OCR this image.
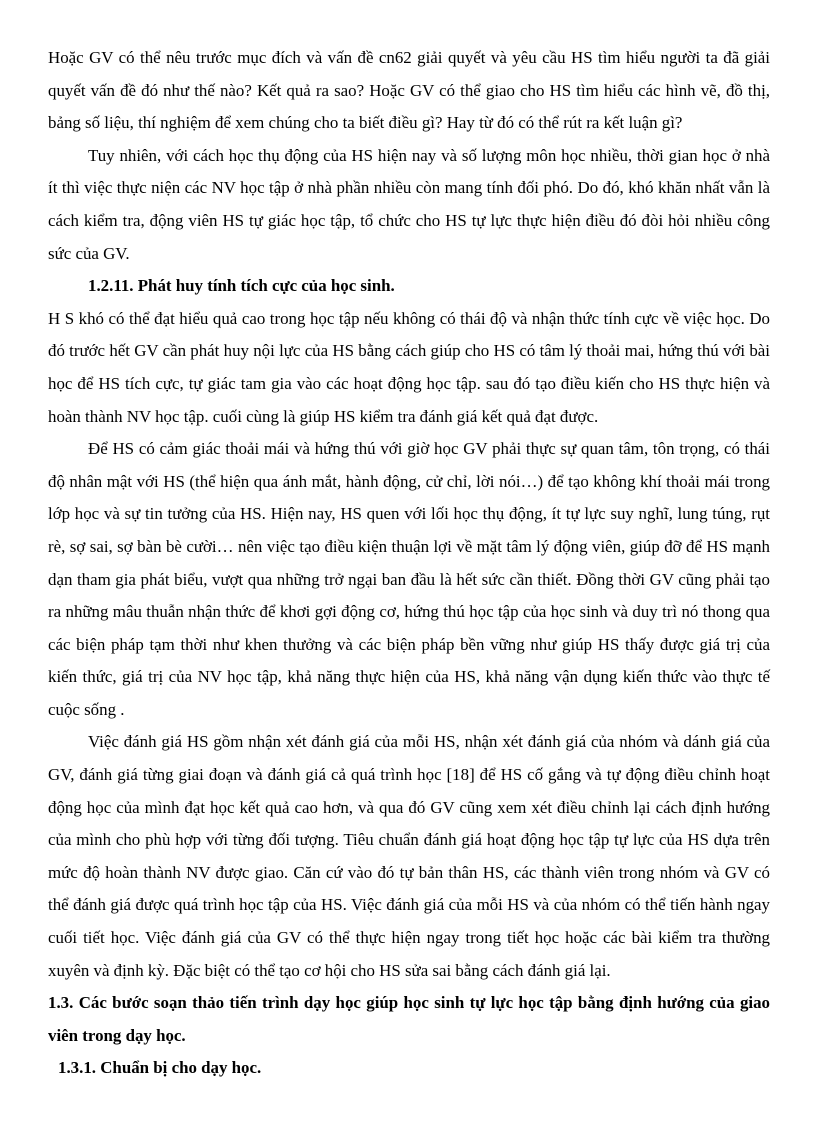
Hoặc GV có thể nêu trước mục đích và vấn đề cn62 giải quyết và yêu cầu HS tìm hiểu người ta đã giải quyết vấn đề đó như thế nào? Kết quả ra sao? Hoặc GV có thể giao cho HS tìm hiểu các hình vẽ, đồ thị, bảng số liệu, thí nghiệm để xem chúng cho ta biết điều gì? Hay từ đó có thể rút ra kết luận gì?

Tuy nhiên, với cách học thụ động của HS hiện nay và số lượng môn học nhiều, thời gian học ở nhà ít thì việc thực niện các NV học tập ở nhà phần nhiều còn mang tính đối phó. Do đó, khó khăn nhất vẫn là cách kiểm tra, động viên HS tự giác học tập, tổ chức cho HS tự lực thực hiện điều đó đòi hỏi nhiều công sức của GV.

1.2.11. Phát huy tính tích cực của học sinh.

H S khó có thể đạt hiểu quả cao trong học tập nếu không có thái độ và nhận thức tính cực về việc học. Do đó trước hết GV cần phát huy nội lực của HS bằng cách giúp cho HS có tâm lý thoải mai, hứng thú với bài học để HS tích cực, tự giác tam gia vào các hoạt động học tập. sau đó tạo điều kiến cho HS thực hiện và hoàn thành NV học tập. cuối cùng là giúp HS kiểm tra đánh giá kết quả đạt được.

Để HS có cảm giác thoải mái và hứng thú với giờ học GV phải thực sự quan tâm, tôn trọng, có thái độ nhân mật với HS (thể hiện qua ánh mắt, hành động, cử chỉ, lời nói…) để tạo không khí thoải mái trong lớp học và sự tin tưởng của HS. Hiện nay, HS quen với lối học thụ động, ít tự lực suy nghĩ, lung túng, rụt rè, sợ sai, sợ bàn bè cười… nên việc tạo điều kiện thuận lợi về mặt tâm lý động viên, giúp đỡ để HS mạnh dạn tham gia phát biểu, vượt qua những trở ngại ban đầu là hết sức cần thiết. Đồng thời GV cũng phải tạo ra những mâu thuẫn nhận thức để khơi gợi động cơ, hứng thú học tập của học sinh và duy trì nó thong qua các biện pháp tạm thời như khen thưởng và các biện pháp bền vững như giúp HS thấy được giá trị của kiến thức, giá trị của NV học tập, khả năng thực hiện của HS, khả năng vận dụng kiến thức vào thực tế cuộc sống .

Việc đánh giá HS gồm nhận xét đánh giá của mỗi HS, nhận xét đánh giá của nhóm và dánh giá của GV, đánh giá từng giai đoạn và đánh giá cả quá trình học [18] để HS cố gắng và tự động điều chỉnh hoạt động học của mình đạt học kết quả cao hơn, và qua đó GV cũng xem xét điều chỉnh lại cách định hướng của mình cho phù hợp với từng đối tượng. Tiêu chuẩn đánh giá hoạt động học tập tự lực của HS dựa trên mức độ hoàn thành NV được giao. Căn cứ vào đó tự bản thân HS, các thành viên trong nhóm và GV có thể đánh giá được quá trình học tập của HS. Việc đánh giá của mỗi HS và của nhóm có thể tiến hành ngay cuối tiết học. Việc đánh giá của GV có thể thực hiện ngay trong tiết học hoặc các bài kiểm tra thường xuyên và định kỳ. Đặc biệt có thể tạo cơ hội cho HS sửa sai bằng cách đánh giá lại.

1.3. Các bước soạn thảo tiến trình dạy học giúp học sinh tự lực học tập bằng định hướng của giao viên trong dạy học.

1.3.1. Chuẩn bị cho dạy học.
